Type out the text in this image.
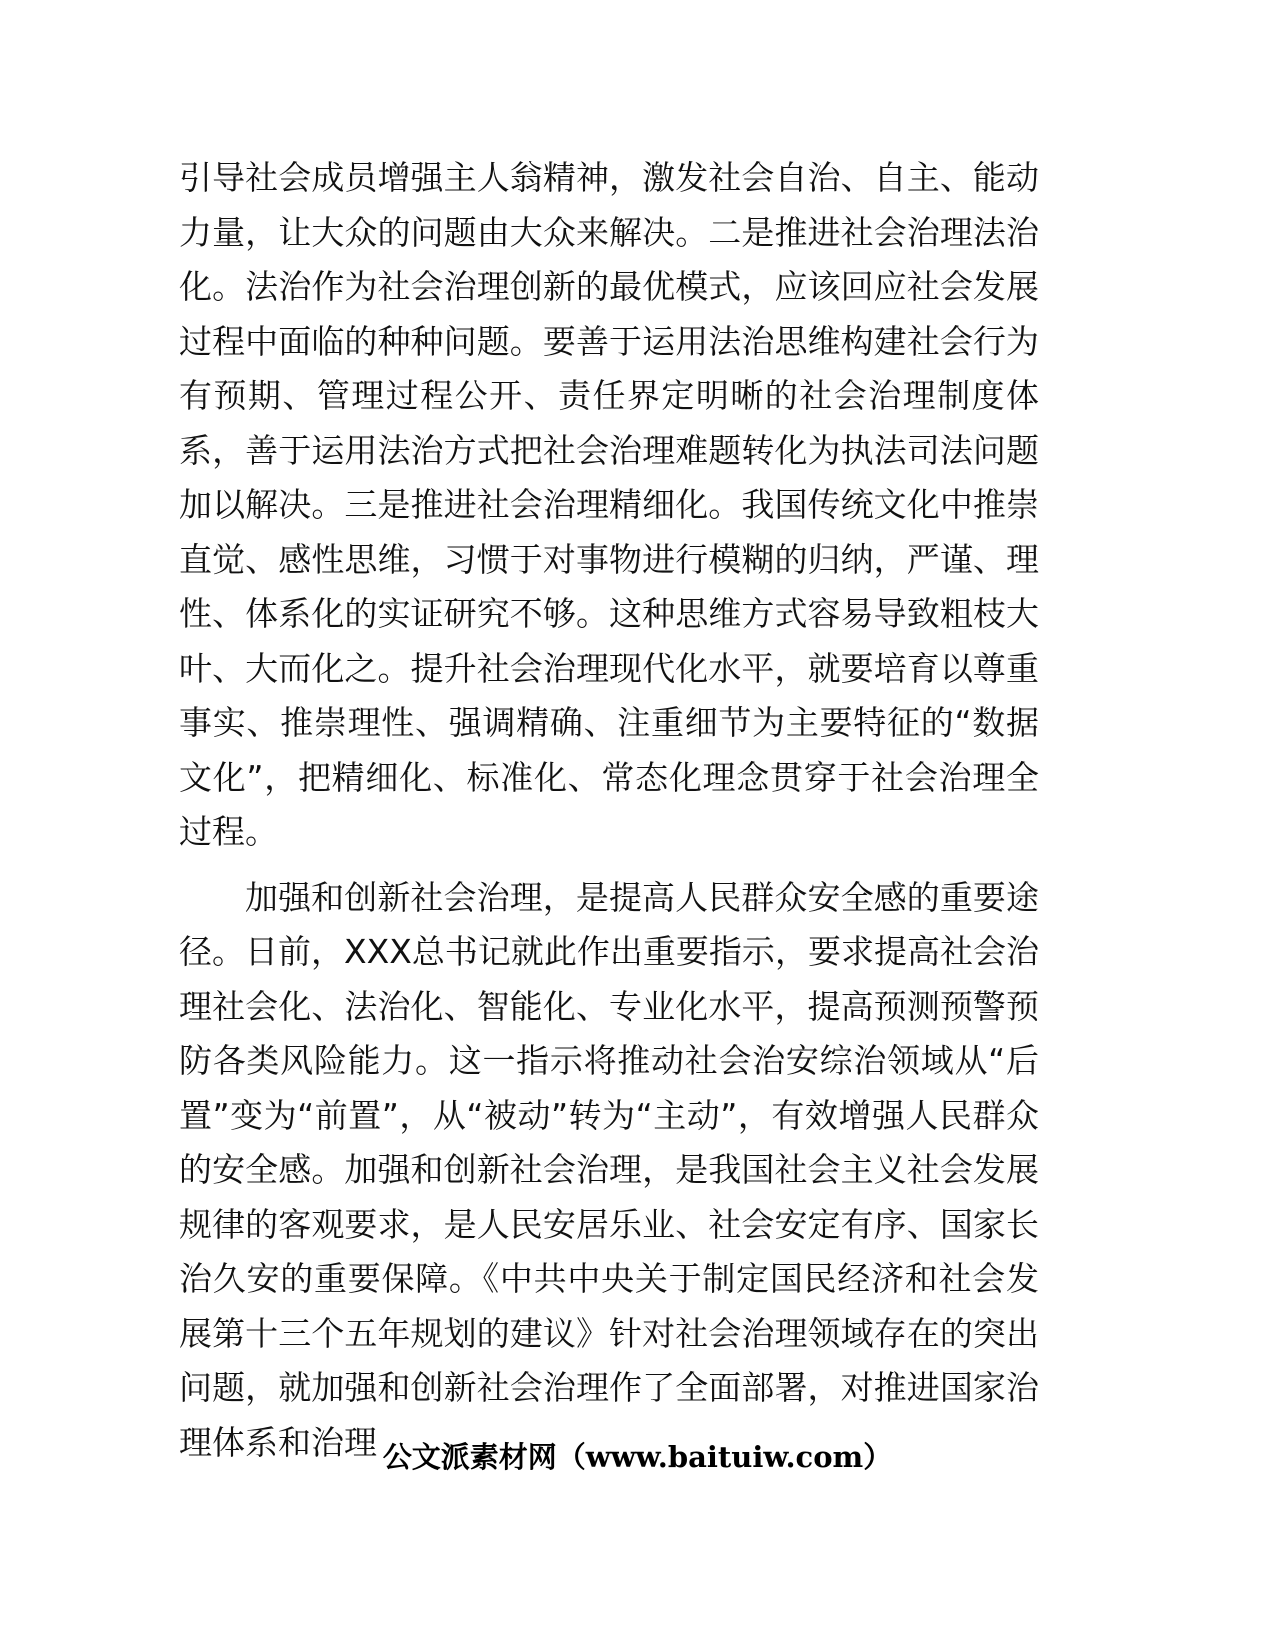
引导社会成员增强主人翁精神，激发社会自治、自主、能动力量，让大众的问题由大众来解决。二是推进社会治理法治化。法治作为社会治理创新的最优模式，应该回应社会发展过程中面临的种种问题。要善于运用法治思维构建社会行为有预期、管理过程公开、责任界定明晰的社会治理制度体系，善于运用法治方式把社会治理难题转化为执法司法问题加以解决。三是推进社会治理精细化。我国传统文化中推崇直觉、感性思维，习惯于对事物进行模糊的归纳，严谨、理性、体系化的实证研究不够。这种思维方式容易导致粗枝大叶、大而化之。提升社会治理现代化水平，就要培育以尊重事实、推崇理性、强调精确、注重细节为主要特征的“数据文化”，把精细化、标准化、常态化理念贯穿于社会治理全过程。

加强和创新社会治理，是提高人民群众安全感的重要途径。日前，XXX总书记就此作出重要指示，要求提高社会治理社会化、法治化、智能化、专业化水平，提高预测预警预防各类风险能力。这一指示将推动社会治安综治领域从“后置”变为“前置”，从“被动”转为“主动”，有效增强人民群众的安全感。加强和创新社会治理，是我国社会主义社会发展规律的客观要求，是人民安居乐业、社会安定有序、国家长治久安的重要保障。《中共中央关于制定国民经济和社会发展第十三个五年规划的建议》针对社会治理领域存在的突出问题，就加强和创新社会治理作了全面部署，对推进国家治理体系和治理 公文派素材网（www.baituiw.com）
